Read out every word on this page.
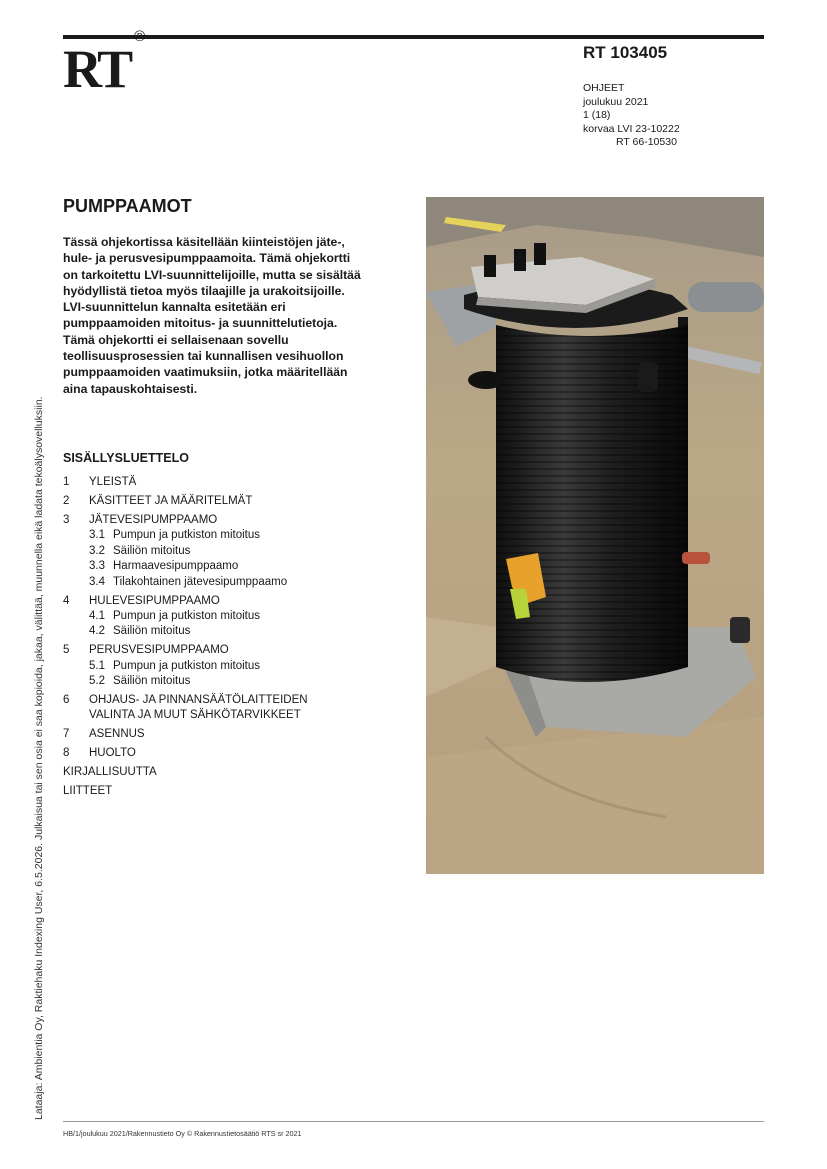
RT®
RT 103405
OHJEET
joulukuu 2021
1 (18)
korvaa LVI 23-10222
RT 66-10530
PUMPPAAMOT

Tässä ohjekortissa käsitellään kiinteistöjen jäte-, hule- ja perusvesipumppaamoita. Tämä ohjekortti on tarkoitettu LVI-suunnittelijoille, mutta se sisältää hyödyllistä tietoa myös tilaajille ja urakoitsijoille. LVI-suunnittelun kannalta esitetään eri pumppaamoiden mitoitus- ja suunnittelutietoja. Tämä ohjekortti ei sellaisenaan sovellu teollisuusprosessien tai kunnallisen vesihuollon pumppaamoiden vaatimuksiin, jotka määritellään aina tapauskohtaisesti.

SISÄLLYSLUETTELO
1 YLEISTÄ
2 KÄSITTEET JA MÄÄRITELMÄT
3 JÄTEVESIPUMPPAAMO
3.1 Pumpun ja putkiston mitoitus
3.2 Säiliön mitoitus
3.3 Harmaavesipumppaamo
3.4 Tilakohtainen jätevesipumppaamo
4 HULEVESIPUMPPAAMO
4.1 Pumpun ja putkiston mitoitus
4.2 Säiliön mitoitus
5 PERUSVESIPUMPPAAMO
5.1 Pumpun ja putkiston mitoitus
5.2 Säiliön mitoitus
6 OHJAUS- JA PINNANSÄÄTÖLAITTEIDEN
VALINTA JA MUUT SÄHKÖTARVIKKEET
7 ASENNUS
8 HUOLTO
KIRJALLISUUTTA
LIITTEET
Lataaja: Ambientia Oy, Raktiehaku Indexing User, 6.5.2026. Julkaisua tai sen osia ei saa kopioida, jakaa, välittää, muunnella eikä ladata tekoälysovelluksiin.
HB/1/joulukuu 2021/Rakennustieto Oy © Rakennustietosäätiö RTS sr 2021
